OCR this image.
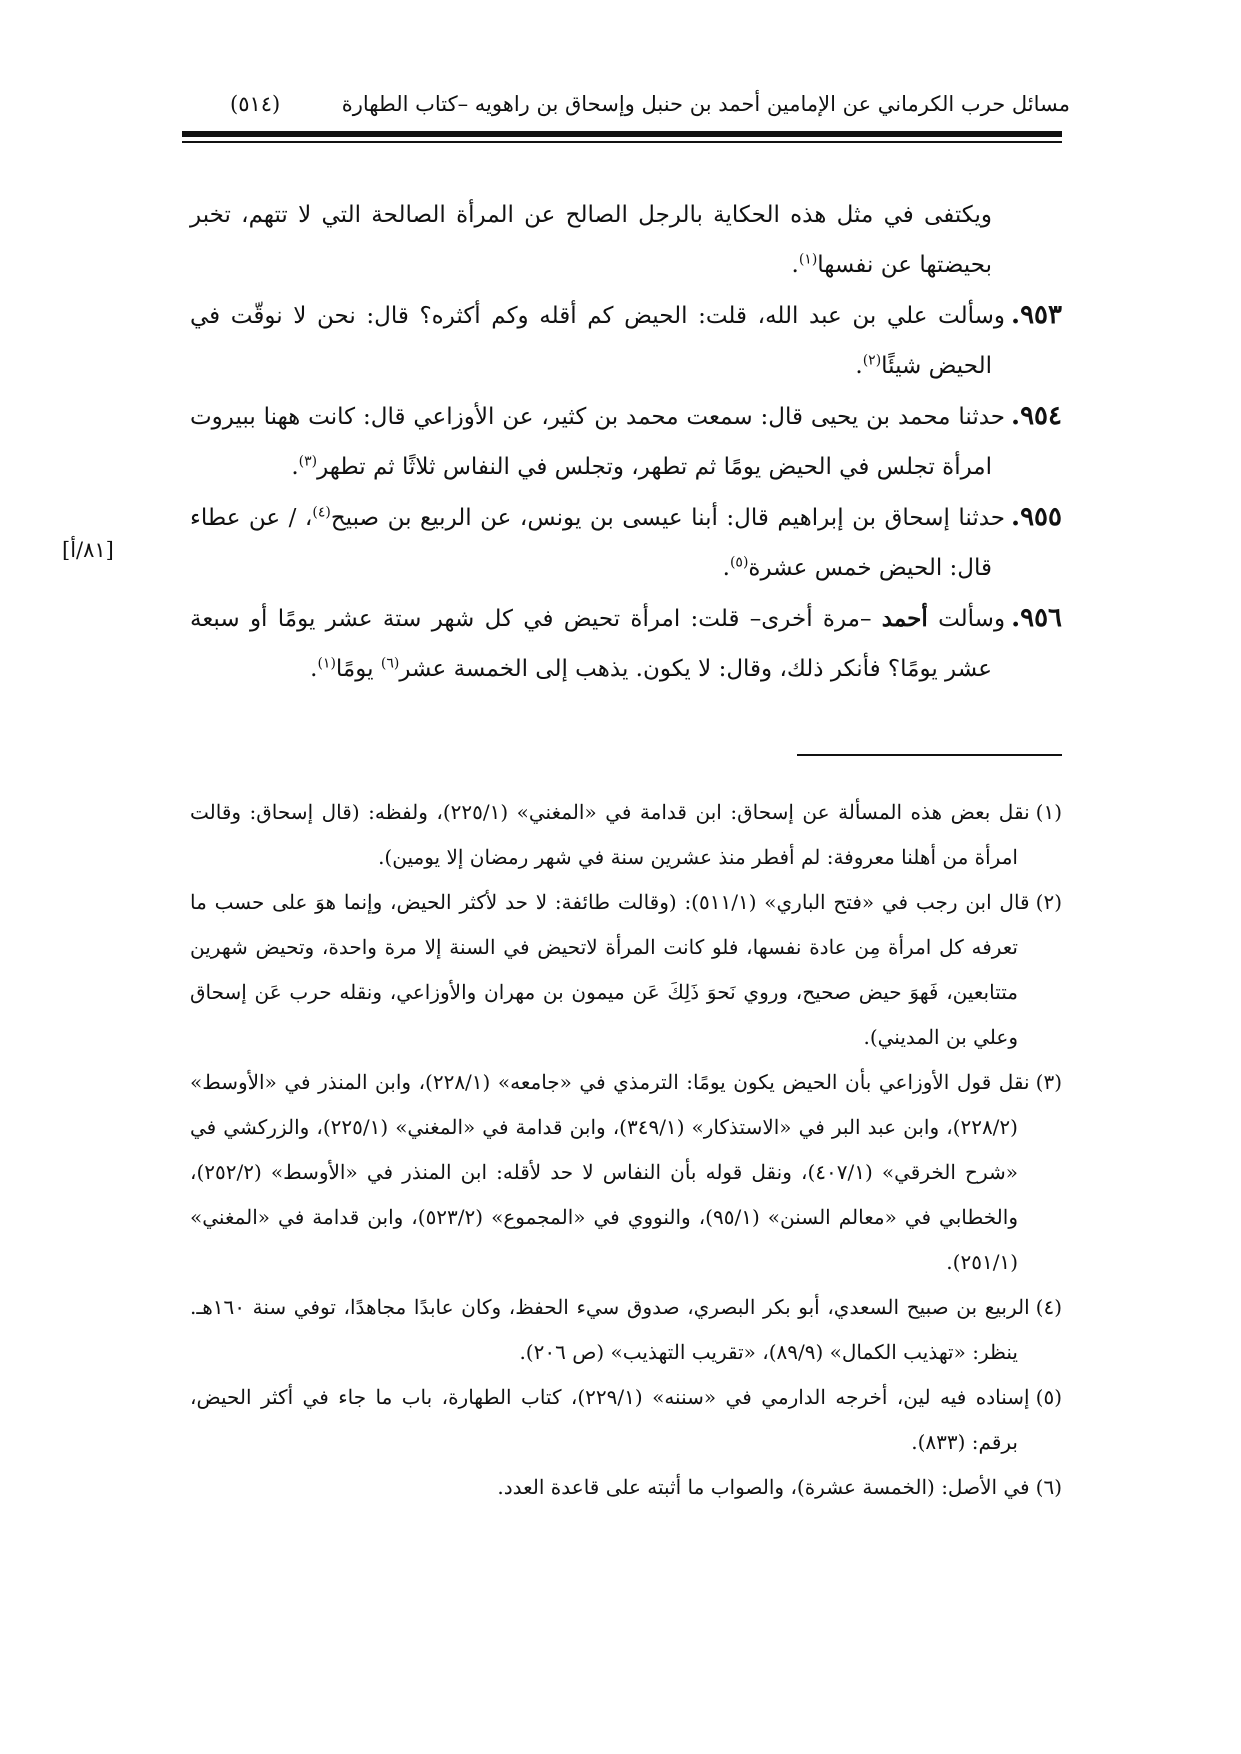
مسائل حرب الكرماني عن الإمامين أحمد بن حنبل وإسحاق بن راهويه –كتاب الطهارة
(٥١٤)
[٨١/أ]

ويكتفى في مثل هذه الحكاية بالرجل الصالح عن المرأة الصالحة التي لا تتهم، تخبر بحيضتها عن نفسها$^{(١)}$.

٩٥٣.وسألت علي بن عبد الله، قلت: الحيض كم أقله وكم أكثره؟ قال: نحن لا نوقّت في الحيض شيئًا$^{(٢)}$.

٩٥٤.حدثنا محمد بن يحيى قال: سمعت محمد بن كثير، عن الأوزاعي قال: كانت ههنا ببيروت امرأة تجلس في الحيض يومًا ثم تطهر، وتجلس في النفاس ثلاثًا ثم تطهر$^{(٣)}$.

٩٥٥.حدثنا إسحاق بن إبراهيم قال: أبنا عيسى بن يونس، عن الربيع بن صبيح$^{(٤)}$، / عن عطاء قال: الحيض خمس عشرة$^{(٥)}$.

٩٥٦.وسألت أحمد –مرة أخرى– قلت: امرأة تحيض في كل شهر ستة عشر يومًا أو سبعة عشر يومًا؟ فأنكر ذلك، وقال: لا يكون. يذهب إلى الخمسة عشر$^{(٦)}$ يومًا$^{(١)}$.

(١)نقل بعض هذه المسألة عن إسحاق: ابن قدامة في «المغني» (٢٢٥/١)، ولفظه: (قال إسحاق: وقالت امرأة من أهلنا معروفة: لم أفطر منذ عشرين سنة في شهر رمضان إلا يومين).

(٢)قال ابن رجب في «فتح الباري» (٥١١/١): (وقالت طائفة: لا حد لأكثر الحيض، وإنما هوَ على حسب ما تعرفه كل امرأة مِن عادة نفسها، فلو كانت المرأة لاتحيض في السنة إلا مرة واحدة، وتحيض شهرين متتابعين، فَهوَ حيض صحيح، وروي نَحوَ ذَلِكَ عَن ميمون بن مهران والأوزاعي، ونقله حرب عَن إسحاق وعلي بن المديني).

(٣)نقل قول الأوزاعي بأن الحيض يكون يومًا: الترمذي في «جامعه» (٢٢٨/١)، وابن المنذر في «الأوسط» (٢٢٨/٢)، وابن عبد البر في «الاستذكار» (٣٤٩/١)، وابن قدامة في «المغني» (٢٢٥/١)، والزركشي في «شرح الخرقي» (٤٠٧/١)، ونقل قوله بأن النفاس لا حد لأقله: ابن المنذر في «الأوسط» (٢٥٢/٢)، والخطابي في «معالم السنن» (٩٥/١)، والنووي في «المجموع» (٥٢٣/٢)، وابن قدامة في «المغني» (٢٥١/١).

(٤)الربيع بن صبيح السعدي، أبو بكر البصري، صدوق سيء الحفظ، وكان عابدًا مجاهدًا، توفي سنة ١٦٠هـ. ينظر: «تهذيب الكمال» (٨٩/٩)، «تقريب التهذيب» (ص ٢٠٦).

(٥)إسناده فيه لين، أخرجه الدارمي في «سننه» (٢٢٩/١)، كتاب الطهارة، باب ما جاء في أكثر الحيض، برقم: (٨٣٣).

(٦)في الأصل: (الخمسة عشرة)، والصواب ما أثبته على قاعدة العدد.
